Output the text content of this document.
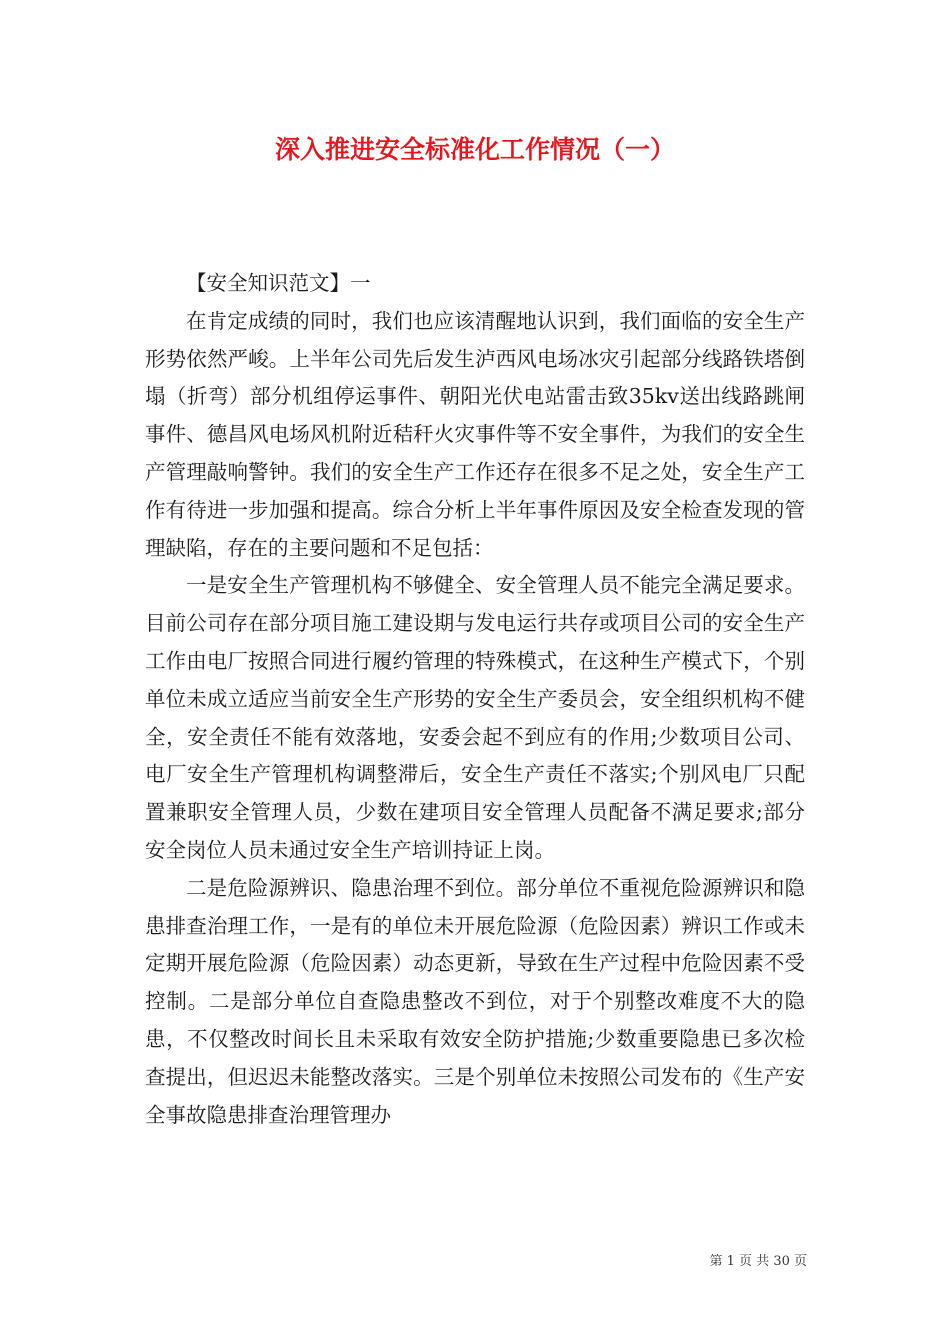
深入推进安全标准化工作情况（一）

【安全知识范文】一

在肯定成绩的同时，我们也应该清醒地认识到，我们面临的安全生产形势依然严峻。上半年公司先后发生泸西风电场冰灾引起部分线路铁塔倒塌（折弯）部分机组停运事件、朝阳光伏电站雷击致35kv送出线路跳闸事件、德昌风电场风机附近秸秆火灾事件等不安全事件，为我们的安全生产管理敲响警钟。我们的安全生产工作还存在很多不足之处，安全生产工作有待进一步加强和提高。综合分析上半年事件原因及安全检查发现的管理缺陷，存在的主要问题和不足包括：

一是安全生产管理机构不够健全、安全管理人员不能完全满足要求。目前公司存在部分项目施工建设期与发电运行共存或项目公司的安全生产工作由电厂按照合同进行履约管理的特殊模式，在这种生产模式下，个别单位未成立适应当前安全生产形势的安全生产委员会，安全组织机构不健全，安全责任不能有效落地，安委会起不到应有的作用;少数项目公司、电厂安全生产管理机构调整滞后，安全生产责任不落实;个别风电厂只配置兼职安全管理人员，少数在建项目安全管理人员配备不满足要求;部分安全岗位人员未通过安全生产培训持证上岗。

二是危险源辨识、隐患治理不到位。部分单位不重视危险源辨识和隐患排查治理工作，一是有的单位未开展危险源（危险因素）辨识工作或未定期开展危险源（危险因素）动态更新，导致在生产过程中危险因素不受控制。二是部分单位自查隐患整改不到位，对于个别整改难度不大的隐患，不仅整改时间长且未采取有效安全防护措施;少数重要隐患已多次检查提出，但迟迟未能整改落实。三是个别单位未按照公司发布的《生产安全事故隐患排查治理管理办

第 1 页 共 30 页
